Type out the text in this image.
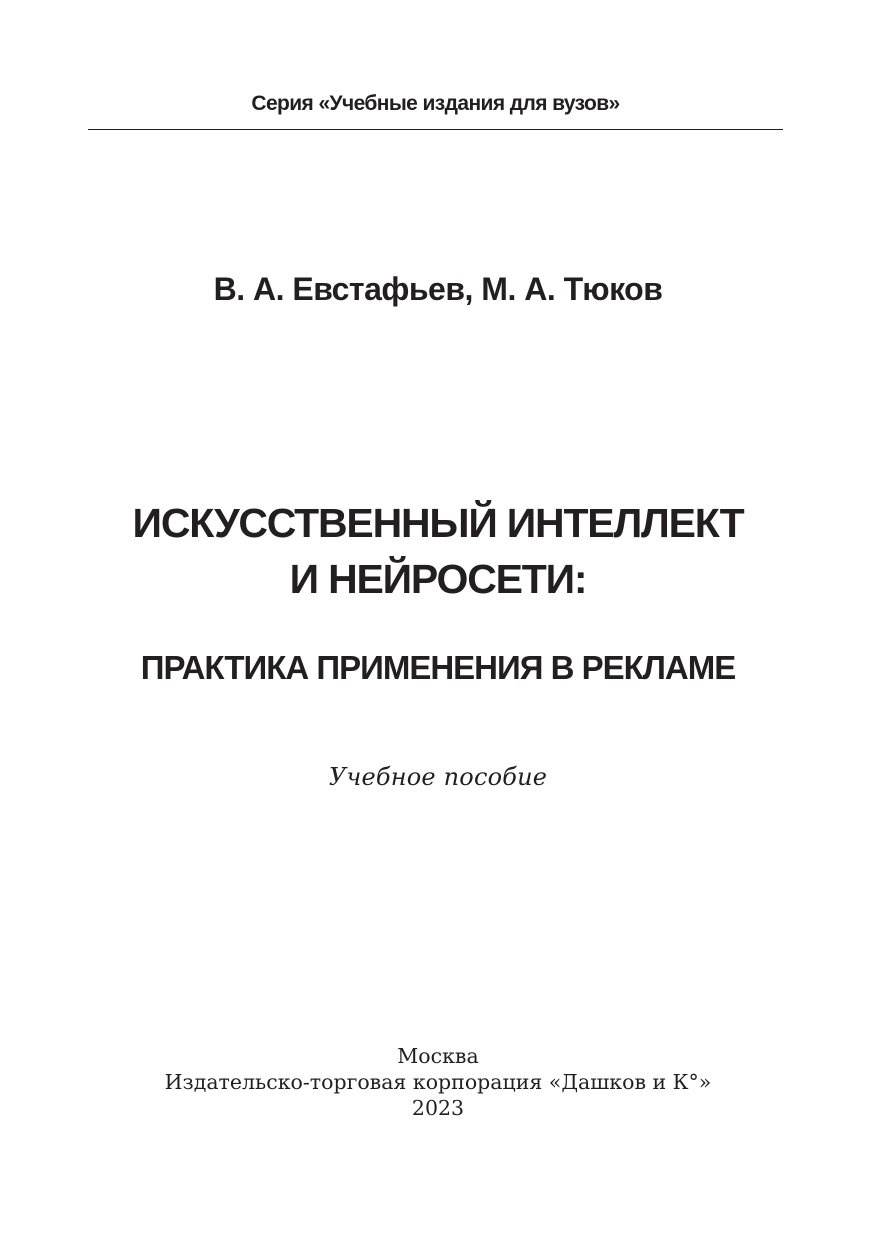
Серия «Учебные издания для вузов»
В. А. Евстафьев, М. А. Тюков
ИСКУССТВЕННЫЙ ИНТЕЛЛЕКТ
И НЕЙРОСЕТИ:
ПРАКТИКА ПРИМЕНЕНИЯ В РЕКЛАМЕ
Учебное пособие
Москва
Издательско-торговая корпорация «Дашков и К°»
2023
